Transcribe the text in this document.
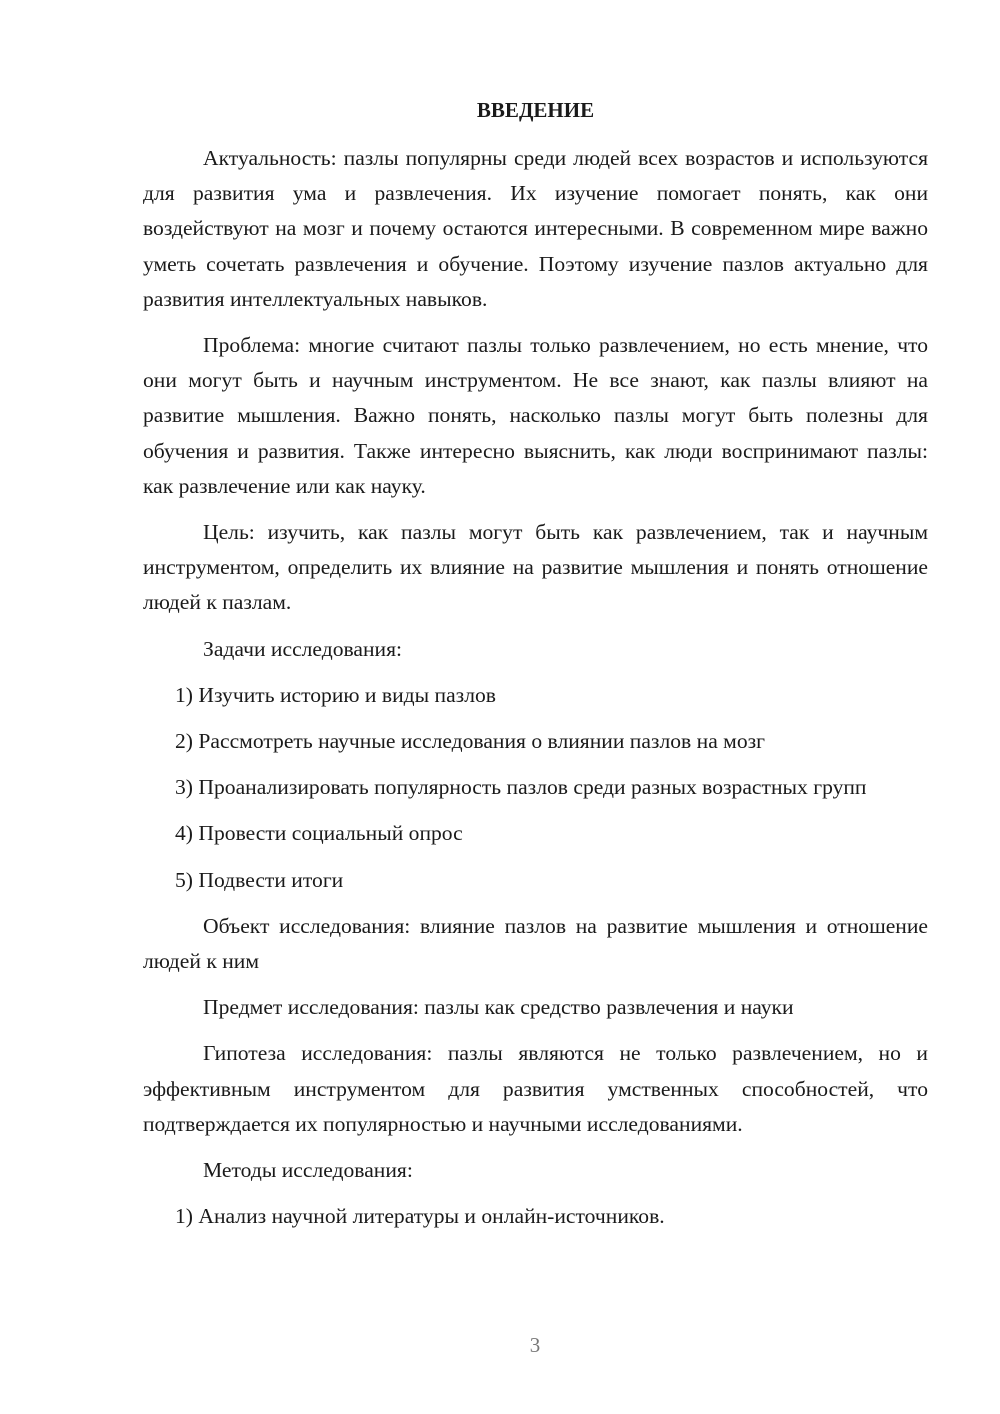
ВВЕДЕНИЕ

Актуальность: пазлы популярны среди людей всех возрастов и используются для развития ума и развлечения. Их изучение помогает понять, как они воздействуют на мозг и почему остаются интересными. В современном мире важно уметь сочетать развлечения и обучение. Поэтому изучение пазлов актуально для развития интеллектуальных навыков.

Проблема: многие считают пазлы только развлечением, но есть мнение, что они могут быть и научным инструментом. Не все знают, как пазлы влияют на развитие мышления. Важно понять, насколько пазлы могут быть полезны для обучения и развития. Также интересно выяснить, как люди воспринимают пазлы: как развлечение или как науку.

Цель: изучить, как пазлы могут быть как развлечением, так и научным инструментом, определить их влияние на развитие мышления и понять отношение людей к пазлам.

Задачи исследования:

1) Изучить историю и виды пазлов

2) Рассмотреть научные исследования о влиянии пазлов на мозг

3) Проанализировать популярность пазлов среди разных возрастных групп

4) Провести социальный опрос

5) Подвести итоги

Объект исследования: влияние пазлов на развитие мышления и отношение людей к ним

Предмет исследования: пазлы как средство развлечения и науки

Гипотеза исследования: пазлы являются не только развлечением, но и эффективным инструментом для развития умственных способностей, что подтверждается их популярностью и научными исследованиями.

Методы исследования:

1) Анализ научной литературы и онлайн-источников.

3
